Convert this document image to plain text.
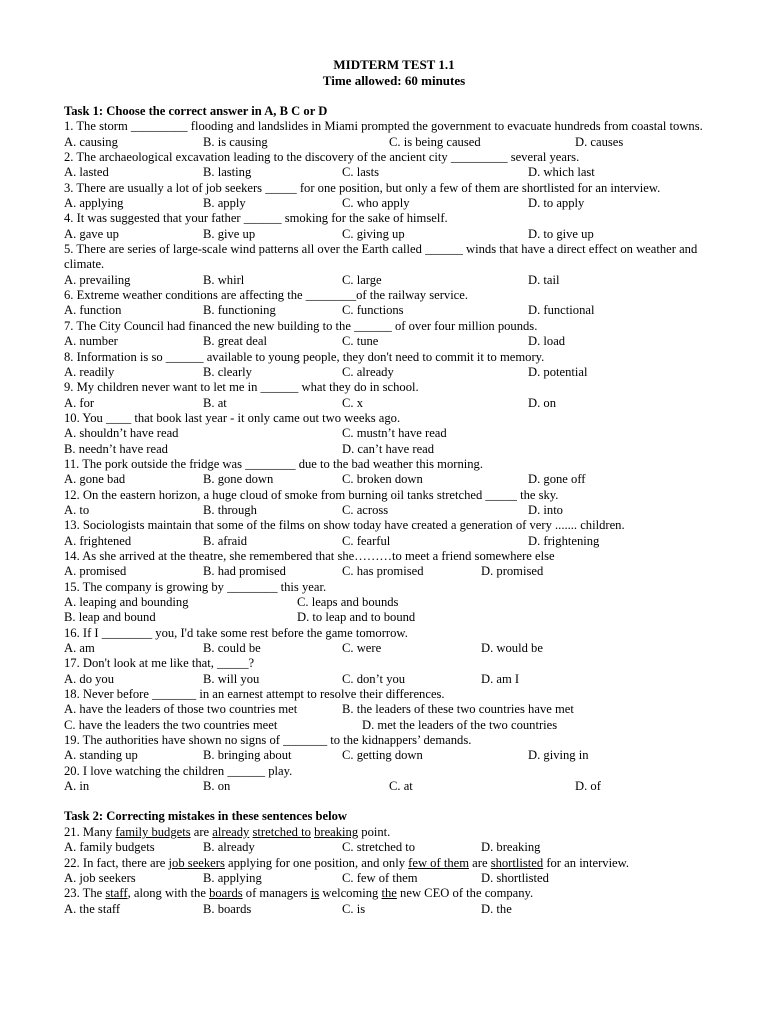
MIDTERM TEST 1.1
Time allowed: 60 minutes
Task 1: Choose the correct answer in A, B C or D
1. The storm _________ flooding and landslides in Miami prompted the government to evacuate hundreds from coastal towns.
A. causing	B. is causing	C. is being caused	D. causes
2. The archaeological excavation leading to the discovery of the ancient city _________ several years.
A. lasted	B. lasting	C. lasts	D. which last
3. There are usually a lot of job seekers _____ for one position, but only a few of them are shortlisted for an interview.
A. applying	B. apply	C. who apply	D. to apply
4. It was suggested that your father ______ smoking for the sake of himself.
A. gave up	B. give up	C. giving up	D. to give up
5. There are series of large-scale wind patterns all over the Earth called ______ winds that have a direct effect on weather and climate.
A. prevailing	B. whirl	C. large	D. tail
6. Extreme weather conditions are affecting the ________of the railway service.
A. function	B. functioning	C. functions	D. functional
7. The City Council had financed the new building to the ______ of over four million pounds.
A. number	B. great deal	C. tune	D. load
8. Information is so ______ available to young people, they don't need to commit it to memory.
A. readily	B. clearly	C. already	D. potential
9. My children never want to let me in ______ what they do in school.
A. for	B. at	C. x	D. on
10. You ____ that book last year - it only came out two weeks ago.
A. shouldn’t have read	C. mustn’t have read
B. needn’t have read	D. can’t have read
11. The pork outside the fridge was ________ due to the bad weather this morning.
A. gone bad	B. gone down	C. broken down	D. gone off
12. On the eastern horizon, a huge cloud of smoke from burning oil tanks stretched _____ the sky.
A. to	B. through	C. across	D. into
13. Sociologists maintain that some of the films on show today have created a generation of very ....... children.
A. frightened	B. afraid	C. fearful	D. frightening
14. As she arrived at the theatre, she remembered that she………to meet a friend somewhere else
A. promised	B. had promised	C. has promised	D. promised
15. The company is growing by ________ this year.
A. leaping and bounding	C. leaps and bounds
B. leap and bound	D. to leap and to bound
16. If I ________ you, I'd take some rest before the game tomorrow.
A. am	B. could be	C. were	D. would be
17. Don't look at me like that, _____?
A. do you	B. will you	C. don’t you	D. am I
18. Never before _______ in an earnest attempt to resolve their differences.
A. have the leaders of those two countries met	B. the leaders of these two countries have met
C. have the leaders the two countries meet	D. met the leaders of the two countries
19. The authorities have shown no signs of _______ to the kidnappers’ demands.
A. standing up	B. bringing about	C. getting down	D. giving in
20. I love watching the children ______ play.
A. in	B. on	C. at	D. of
Task 2: Correcting mistakes in these sentences below
21. Many family budgets are already stretched to breaking point.
A. family budgets	B. already	C. stretched to	D. breaking
22. In fact, there are job seekers applying for one position, and only few of them are shortlisted for an interview.
A. job seekers	B. applying	C. few of them	D. shortlisted
23. The staff, along with the boards of managers is welcoming the new CEO of the company.
A. the staff	B. boards	C. is	D. the
